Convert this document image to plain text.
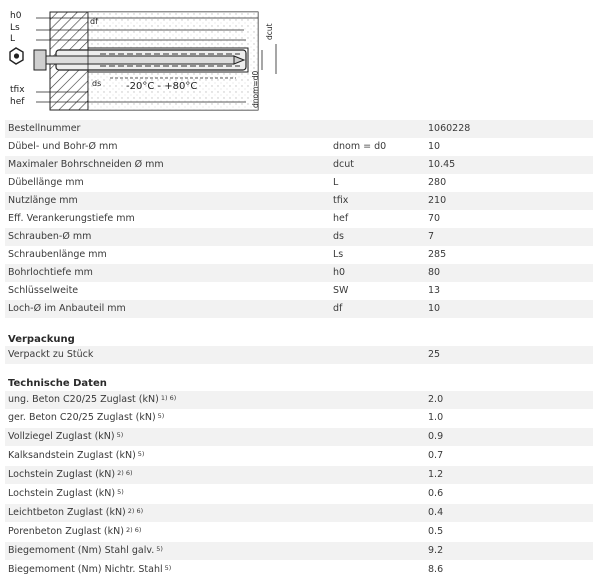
h0
Ls
L
tfix
hef
df
ds -20°C - +80°C
dcut
dnom=d0
Bestellnummer	1060228
Dübel- und Bohr-Ø mm	dnom = d0	10
Maximaler Bohrschneiden Ø mm	dcut	10.45
Dübellänge mm	L	280
Nutzlänge mm	tfix	210
Eff. Verankerungstiefe mm	hef	70
Schrauben-Ø mm	ds	7
Schraubenlänge mm	Ls	285
Bohrlochtiefe mm	h0	80
Schlüsselweite	SW	13
Loch-Ø im Anbauteil mm	df	10
Verpackung
Verpackt zu Stück	25
Technische Daten
ung. Beton C20/25 Zuglast (kN) $^{1) 6)}$	2.0
ger. Beton C20/25 Zuglast (kN) $^{5)}$	1.0
Vollziegel Zuglast (kN) $^{5)}$	0.9
Kalksandstein Zuglast (kN) $^{5)}$	0.7
Lochstein Zuglast (kN) $^{2) 6)}$	1.2
Lochstein Zuglast (kN) $^{5)}$	0.6
Leichtbeton Zuglast (kN) $^{2) 6)}$	0.4
Porenbeton Zuglast (kN) $^{2) 6)}$	0.5
Biegemoment (Nm) Stahl galv. $^{5)}$	9.2
Biegemoment (Nm) Nichtr. Stahl $^{5)}$	8.6
